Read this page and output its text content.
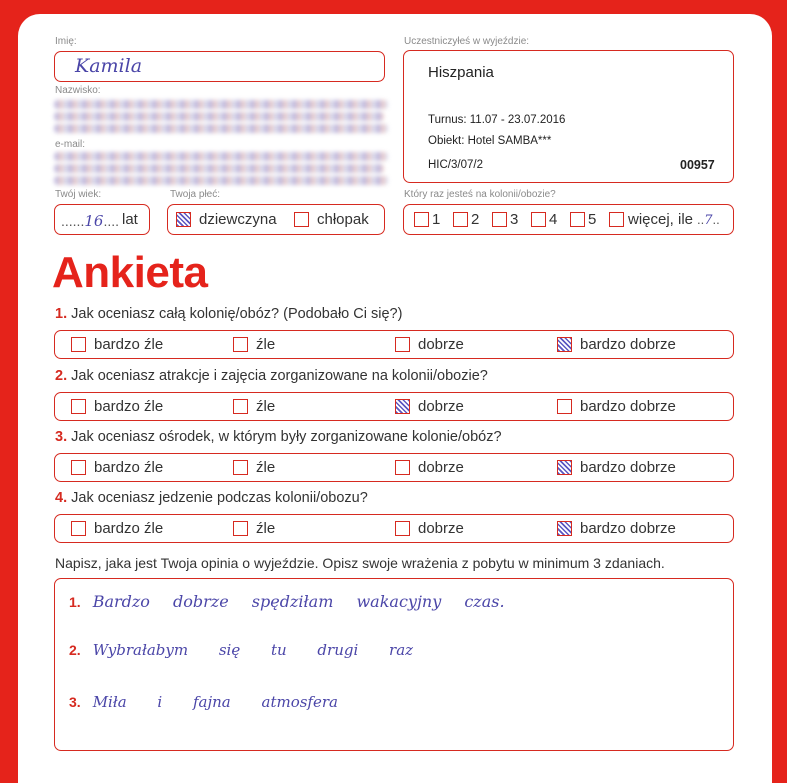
Imię:
Kamila
Nazwisko:
e-mail:
Twój wiek:
......16.... lat
Twoja płeć:
dziewczyna	chłopak
Uczestniczyłeś w wyjeździe:
Hiszpania
Turnus: 11.07 - 23.07.2016
Obiekt: Hotel SAMBA***
HIC/3/07/2	00957
Który raz jesteś na kolonii/obozie?
1 2 3 4 5 więcej, ile ..7..
Ankieta
1. Jak oceniasz całą kolonię/obóz? (Podobało Ci się?)
bardzo źle	źle	dobrze	bardzo dobrze
2. Jak oceniasz atrakcje i zajęcia zorganizowane na kolonii/obozie?
bardzo źle	źle	dobrze	bardzo dobrze
3. Jak oceniasz ośrodek, w którym były zorganizowane kolonie/obóz?
bardzo źle	źle	dobrze	bardzo dobrze
4. Jak oceniasz jedzenie podczas kolonii/obozu?
bardzo źle	źle	dobrze	bardzo dobrze
Napisz, jaka jest Twoja opinia o wyjeździe. Opisz swoje wrażenia z pobytu w minimum 3 zdaniach.
1. Bardzo dobrze spędziłam wakacyjny czas.
2. Wybrałabym się tu drugi raz
3. Miła i fajna atmosfera
